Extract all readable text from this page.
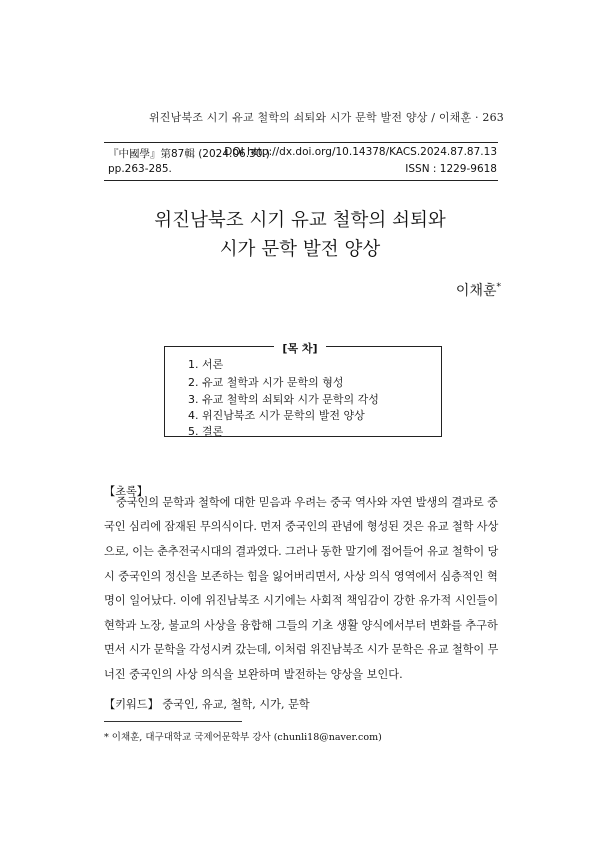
위진남북조 시기 유교 철학의 쇠퇴와 시가 문학 발전 양상 / 이채훈 · 263
『中國學』第87輯 (2024.06.30.)
DOI http://dx.doi.org/10.14378/KACS.2024.87.87.13
pp.263-285.	ISSN : 1229-9618
위진남북조 시기 유교 철학의 쇠퇴와
시가 문학 발전 양상
이채훈*
[목 차]
1. 서론
2. 유교 철학과 시가 문학의 형성
3. 유교 철학의 쇠퇴와 시가 문학의 각성
4. 위진남북조 시가 문학의 발전 양상
5. 결론
【초록】
중국인의 문학과 철학에 대한 믿음과 우려는 중국 역사와 자연 발생의 결과로 중
국인 심리에 잠재된 무의식이다. 먼저 중국인의 관념에 형성된 것은 유교 철학 사상
으로, 이는 춘추전국시대의 결과였다. 그러나 동한 말기에 접어들어 유교 철학이 당
시 중국인의 정신을 보존하는 힘을 잃어버리면서, 사상 의식 영역에서 심층적인 혁
명이 일어났다. 이에 위진남북조 시기에는 사회적 책임감이 강한 유가적 시인들이
현학과 노장, 불교의 사상을 융합해 그들의 기초 생활 양식에서부터 변화를 추구하
면서 시가 문학을 각성시켜 갔는데, 이처럼 위진남북조 시가 문학은 유교 철학이 무
너진 중국인의 사상 의식을 보완하며 발전하는 양상을 보인다.
【키워드】 중국인, 유교, 철학, 시가, 문학
* 이채훈, 대구대학교 국제어문학부 강사 (chunli18@naver.com)
